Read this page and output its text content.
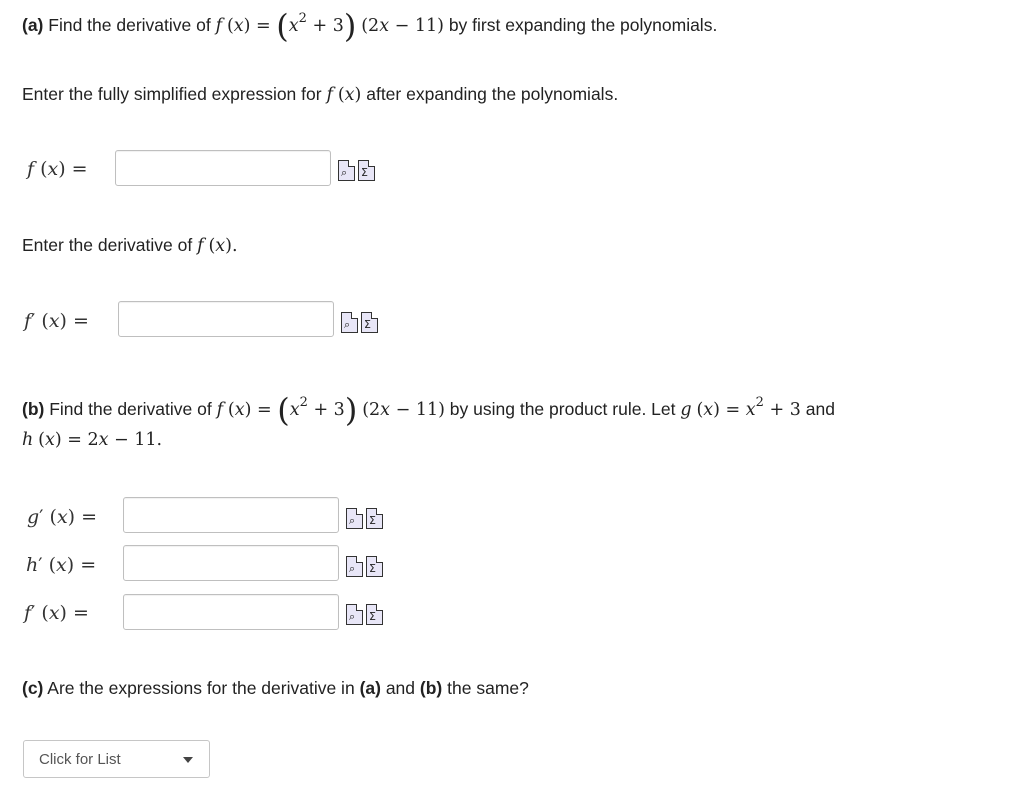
(a) Find the derivative of f $(x) = (x^2 + 3) (2x - 11)$ by first expanding the polynomials.
Enter the fully simplified expression for f (x) after expanding the polynomials.
f (x) =	⌕ Σ
Enter the derivative of f (x).
f′ (x) =	⌕ Σ
(b) Find the derivative of f $(x) = (x^2 + 3) (2x - 11)$ by using the product rule. Let g $(x) = x^2 + 3$ and
h (x) = 2x − 11.
g′ (x) =	⌕ Σ
h′ (x) =	⌕ Σ
f′ (x) =	⌕ Σ
(c) Are the expressions for the derivative in (a) and (b) the same?
Click for List
